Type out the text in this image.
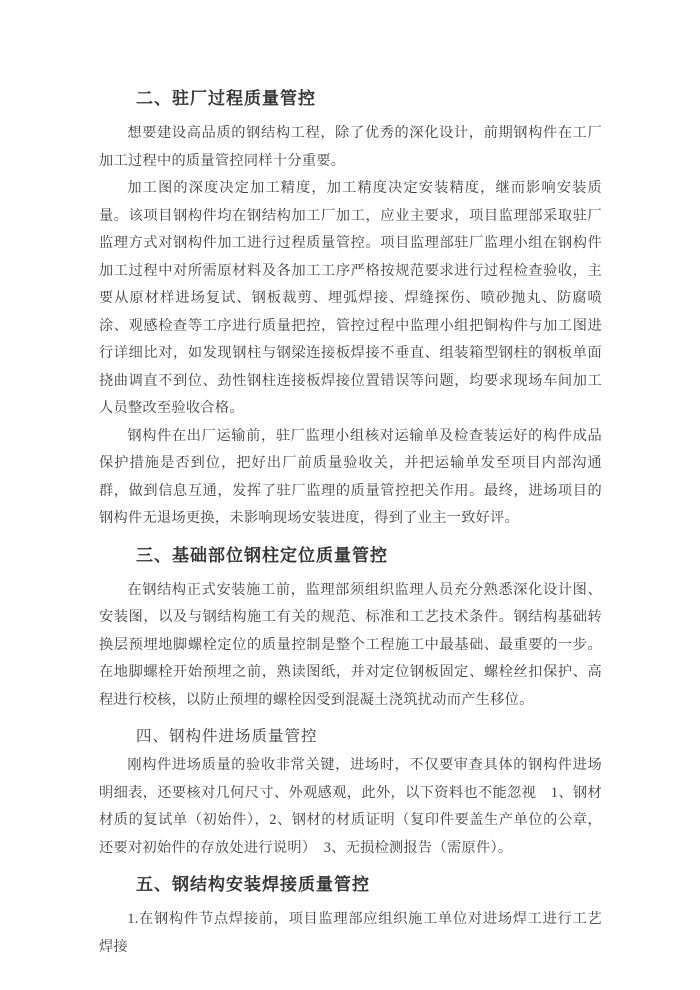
二、驻厂过程质量管控

想要建设高品质的钢结构工程，除了优秀的深化设计，前期钢构件在工厂加工过程中的质量管控同样十分重要。

加工图的深度决定加工精度，加工精度决定安装精度，继而影响安装质量。该项目钢构件均在钢结构加工厂加工，应业主要求，项目监理部采取驻厂监理方式对钢构件加工进行过程质量管控。项目监理部驻厂监理小组在钢构件加工过程中对所需原材料及各加工工序严格按规范要求进行过程检查验收，主要从原材样进场复试、钢板裁剪、埋弧焊接、焊缝探伤、喷砂抛丸、防腐喷涂、观感检查等工序进行质量把控，管控过程中监理小组把铜构件与加工图进行详细比对，如发现钢柱与钢梁连接板焊接不垂直、组装箱型钢柱的钢板单面挠曲调直不到位、劲性钢柱连接板焊接位置错误等问题，均要求现场车间加工人员整改至验收合格。

钢构件在出厂运输前，驻厂监理小组核对运输单及检查装运好的构件成品保护措施是否到位，把好出厂前质量验收关，并把运输单发至项目内部沟通群，做到信息互通，发挥了驻厂监理的质量管控把关作用。最终，进场项目的钢构件无退场更换，未影响现场安装进度，得到了业主一致好评。

三、基础部位钢柱定位质量管控

在钢结构正式安装施工前，监理部须组织监理人员充分熟悉深化设计图、安装图，以及与钢结构施工有关的规范、标准和工艺技术条件。钢结构基础转换层预埋地脚螺栓定位的质量控制是整个工程施工中最基础、最重要的一步。在地脚螺栓开始预埋之前，熟读图纸，并对定位钢板固定、螺栓丝扣保护、高程进行校核，以防止预埋的螺栓因受到混凝土浇筑扰动而产生移位。

四、钢构件进场质量管控

刚构件进场质量的验收非常关键，进场时，不仅要审查具体的钢构件进场明细表，还要核对几何尺寸、外观感观，此外，以下资料也不能忽视　1、钢材材质的复试单（初始件），2、钢材的材质证明（复印件要盖生产单位的公章，还要对初始件的存放处进行说明）　3、无损检测报告（需原件）。

五、钢结构安装焊接质量管控

1.在钢构件节点焊接前，项目监理部应组织施工单位对进场焊工进行工艺焊接
